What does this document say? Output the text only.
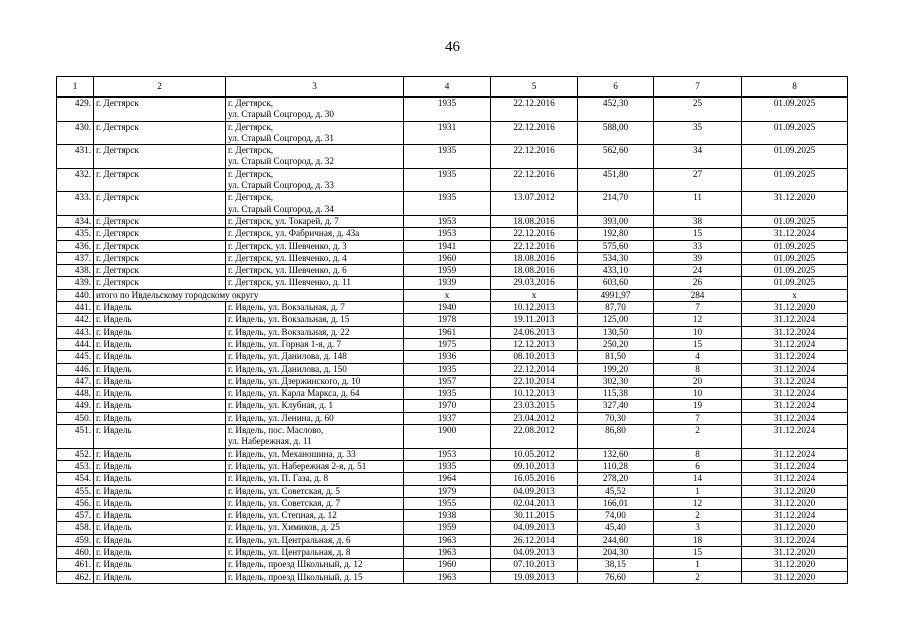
46
1	2	3	4	5	6	7	8
429.	г. Дегтярск	г. Дегтярск,
ул. Старый Соцгород, д. 30	1935	22.12.2016	452,30	25	01.09.2025
430.	г. Дегтярск	г. Дегтярск,
ул. Старый Соцгород, д. 31	1931	22.12.2016	588,00	35	01.09.2025
431.	г. Дегтярск	г. Дегтярск,
ул. Старый Соцгород, д. 32	1935	22.12.2016	562,60	34	01.09.2025
432.	г. Дегтярск	г. Дегтярск,
ул. Старый Соцгород, д. 33	1935	22.12.2016	451,80	27	01.09.2025
433.	г. Дегтярск	г. Дегтярск,
ул. Старый Соцгород, д. 34	1935	13.07.2012	214,70	11	31.12.2020
434.	г. Дегтярск	г. Дегтярск, ул. Токарей, д. 7	1953	18.08.2016	393,00	38	01.09.2025
435.	г. Дегтярск	г. Дегтярск, ул. Фабричная, д. 43а	1953	22.12.2016	192,80	15	31.12.2024
436.	г. Дегтярск	г. Дегтярск, ул. Шевченко, д. 3	1941	22.12.2016	575,60	33	01.09.2025
437.	г. Дегтярск	г. Дегтярск, ул. Шевченко, д. 4	1960	18.08.2016	534,30	39	01.09.2025
438.	г. Дегтярск	г. Дегтярск, ул. Шевченко, д. 6	1959	18.08.2016	433,10	24	01.09.2025
439.	г. Дегтярск	г. Дегтярск, ул. Шевченко, д. 11	1939	29.03.2016	603,60	26	01.09.2025
440.	итого по Ивдельскому городскому округу		x	x	4991,97	284	x
441.	г. Ивдель	г. Ивдель, ул. Вокзальная, д. 7	1940	10.12.2013	87,70	7	31.12.2020
442.	г. Ивдель	г. Ивдель, ул. Вокзальная, д. 15	1978	19.11.2013	125,00	12	31.12.2024
443.	г. Ивдель	г. Ивдель, ул. Вокзальная, д. 22	1961	24.06.2013	130,50	10	31.12.2024
444.	г. Ивдель	г. Ивдель, ул. Горная 1-я, д. 7	1975	12.12.2013	250,20	15	31.12.2024
445.	г. Ивдель	г. Ивдель, ул. Данилова, д. 148	1936	08.10.2013	81,50	4	31.12.2024
446.	г. Ивдель	г. Ивдель, ул. Данилова, д. 150	1935	22.12.2014	199,20	8	31.12.2024
447.	г. Ивдель	г. Ивдель, ул. Дзержинского, д. 10	1957	22.10.2014	302,30	20	31.12.2024
448.	г. Ивдель	г. Ивдель, ул. Карла Маркса, д. 64	1935	10.12.2013	115,38	10	31.12.2024
449.	г. Ивдель	г. Ивдель, ул. Клубная, д. 1	1970	23.03.2015	327,40	19	31.12.2024
450.	г. Ивдель	г. Ивдель, ул. Ленина, д. 60	1937	23.04.2012	70,30	7	31.12.2024
451.	г. Ивдель	г. Ивдель, пос. Маслово,
ул. Набережная, д. 11	1900	22.08.2012	86,80	2	31.12.2024
452.	г. Ивдель	г. Ивдель, ул. Механошина, д. 33	1953	10.05.2012	132,60	8	31.12.2024
453.	г. Ивдель	г. Ивдель, ул. Набережная 2-я, д. 51	1935	09.10.2013	110,28	6	31.12.2024
454.	г. Ивдель	г. Ивдель, ул. П. Газа, д. 8	1964	16.05.2016	278,20	14	31.12.2024
455.	г. Ивдель	г. Ивдель, ул. Советская, д. 5	1979	04.09.2013	45,52	1	31.12.2020
456.	г. Ивдель	г. Ивдель, ул. Советская, д. 7	1955	02.04.2013	166,01	12	31.12.2020
457.	г. Ивдель	г. Ивдель, ул. Степная, д. 12	1938	30.11.2015	74,00	2	31.12.2024
458.	г. Ивдель	г. Ивдель, ул. Химиков, д. 25	1959	04.09.2013	45,40	3	31.12.2020
459.	г. Ивдель	г. Ивдель, ул. Центральная, д. 6	1963	26.12.2014	244,60	18	31.12.2024
460.	г. Ивдель	г. Ивдель, ул. Центральная, д. 8	1963	04.09.2013	204,30	15	31.12.2020
461.	г. Ивдель	г. Ивдель, проезд Школьный, д. 12	1960	07.10.2013	38,15	1	31.12.2020
462.	г. Ивдель	г. Ивдель, проезд Школьный, д. 15	1963	19.09.2013	76,60	2	31.12.2020
